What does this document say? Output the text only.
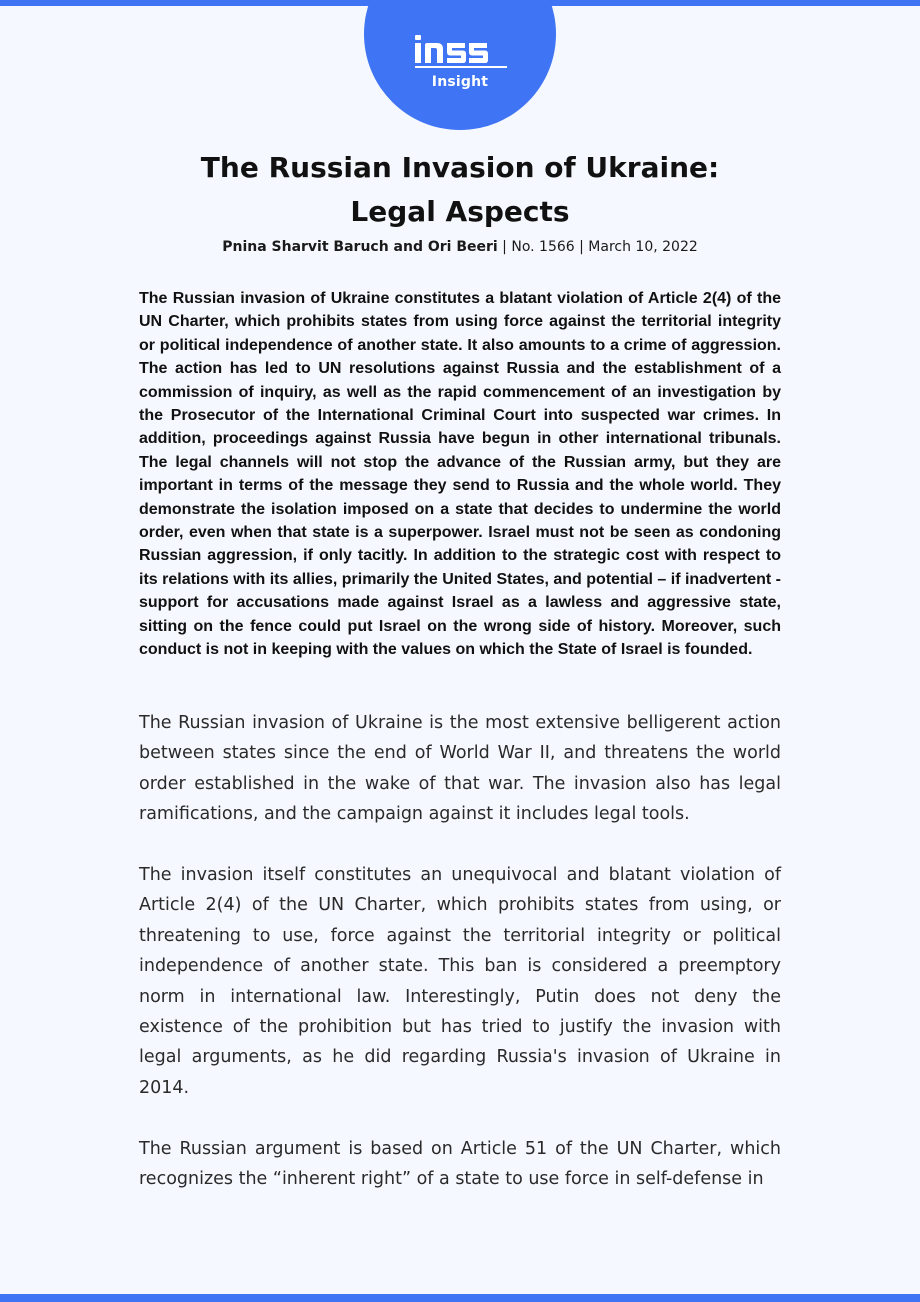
Insight
The Russian Invasion of Ukraine: Legal Aspects
Pnina Sharvit Baruch and Ori Beeri | No. 1566 | March 10, 2022

The Russian invasion of Ukraine constitutes a blatant violation of Article 2(4) of the UN Charter, which prohibits states from using force against the territorial integrity or political independence of another state. It also amounts to a crime of aggression. The action has led to UN resolutions against Russia and the establishment of a commission of inquiry, as well as the rapid commencement of an investigation by the Prosecutor of the International Criminal Court into suspected war crimes. In addition, proceedings against Russia have begun in other international tribunals. The legal channels will not stop the advance of the Russian army, but they are important in terms of the message they send to Russia and the whole world. They demonstrate the isolation imposed on a state that decides to undermine the world order, even when that state is a superpower. Israel must not be seen as condoning Russian aggression, if only tacitly. In addition to the strategic cost with respect to its relations with its allies, primarily the United States, and potential – if inadvertent - support for accusations made against Israel as a lawless and aggressive state, sitting on the fence could put Israel on the wrong side of history. Moreover, such conduct is not in keeping with the values on which the State of Israel is founded.

The Russian invasion of Ukraine is the most extensive belligerent action between states since the end of World War II, and threatens the world order established in the wake of that war. The invasion also has legal ramifications, and the campaign against it includes legal tools.

The invasion itself constitutes an unequivocal and blatant violation of Article 2(4) of the UN Charter, which prohibits states from using, or threatening to use, force against the territorial integrity or political independence of another state. This ban is considered a preemptory norm in international law. Interestingly, Putin does not deny the existence of the prohibition but has tried to justify the invasion with legal arguments, as he did regarding Russia's invasion of Ukraine in 2014.

The Russian argument is based on Article 51 of the UN Charter, which recognizes the “inherent right” of a state to use force in self-defense in
